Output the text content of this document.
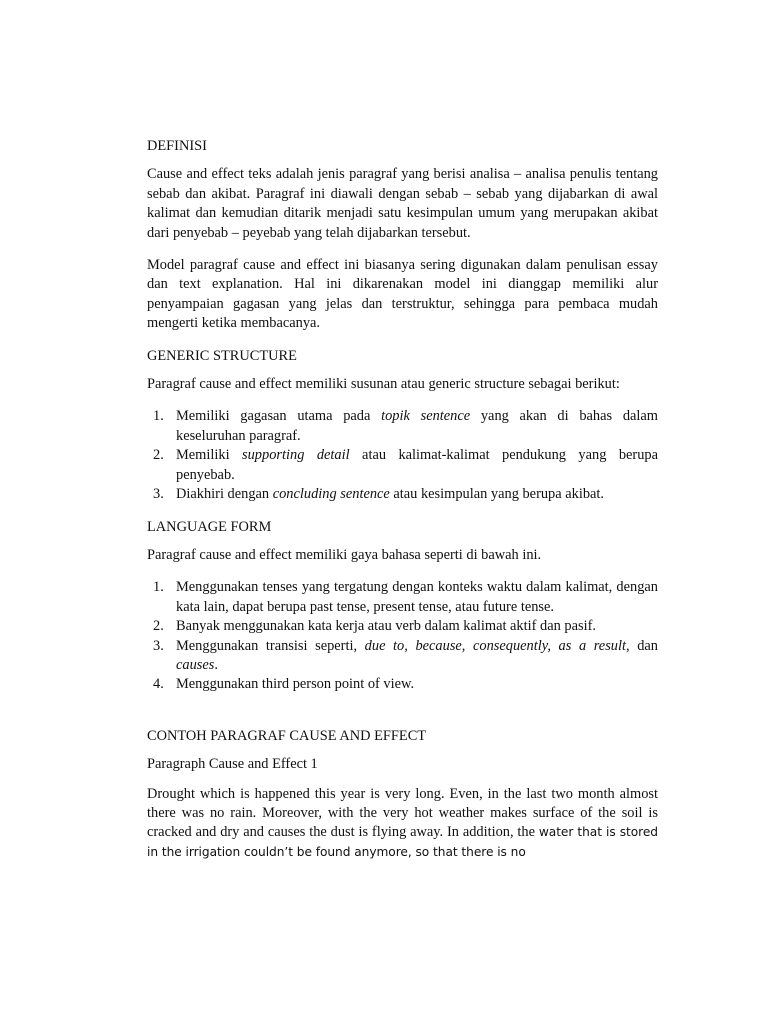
DEFINISI
Cause and effect teks adalah jenis paragraf yang berisi analisa – analisa penulis tentang sebab dan akibat. Paragraf ini diawali dengan sebab – sebab yang dijabarkan di awal kalimat dan kemudian ditarik menjadi satu kesimpulan umum yang merupakan akibat dari penyebab – peyebab yang telah dijabarkan tersebut.
Model paragraf cause and effect ini biasanya sering digunakan dalam penulisan essay dan text explanation. Hal ini dikarenakan model ini dianggap memiliki alur penyampaian gagasan yang jelas dan terstruktur, sehingga para pembaca mudah mengerti ketika membacanya.
GENERIC STRUCTURE
Paragraf cause and effect memiliki susunan atau generic structure sebagai berikut:
1. Memiliki gagasan utama pada topik sentence yang akan di bahas dalam keseluruhan paragraf.
2. Memiliki supporting detail atau kalimat-kalimat pendukung yang berupa penyebab.
3. Diakhiri dengan concluding sentence atau kesimpulan yang berupa akibat.
LANGUAGE FORM
Paragraf cause and effect memiliki gaya bahasa seperti di bawah ini.
1. Menggunakan tenses yang tergatung dengan konteks waktu dalam kalimat, dengan kata lain, dapat berupa past tense, present tense, atau future tense.
2. Banyak menggunakan kata kerja atau verb dalam kalimat aktif dan pasif.
3. Menggunakan transisi seperti, due to, because, consequently, as a result, dan causes.
4. Menggunakan third person point of view.
CONTOH PARAGRAF CAUSE AND EFFECT
Paragraph Cause and Effect 1
Drought which is happened this year is very long. Even, in the last two month almost there was no rain. Moreover, with the very hot weather makes surface of the soil is cracked and dry and causes the dust is flying away. In addition, the water that is stored in the irrigation couldn’t be found anymore, so that there is no
